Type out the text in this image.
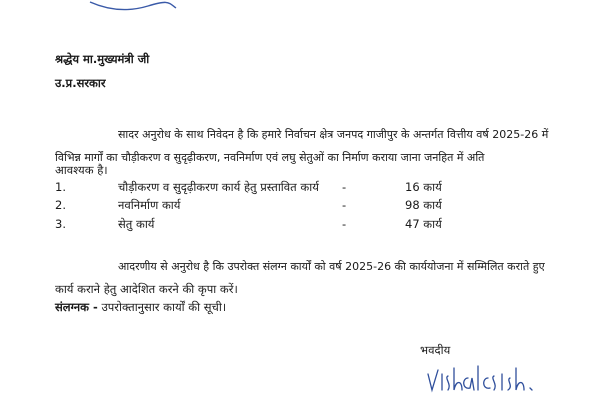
श्रद्धेय मा.मुख्यमंत्री जी
उ.प्र.सरकार
सादर अनुरोध के साथ निवेदन है कि हमारे निर्वाचन क्षेत्र जनपद गाजीपुर के अन्तर्गत वित्तीय वर्ष 2025-26 में
विभिन्न मार्गों का चौड़ीकरण व सुदृढ़ीकरण, नवनिर्माण एवं लघु सेतुओं का निर्माण कराया जाना जनहित में अति
आवश्यक है।
1.	चौड़ीकरण व सुदृढ़ीकरण कार्य हेतु प्रस्तावित कार्य -	16 कार्य
2.	नवनिर्माण कार्य	-	98 कार्य
3.	सेतु कार्य	-	47 कार्य
आदरणीय से अनुरोध है कि उपरोक्त संलग्न कार्यों को वर्ष 2025-26 की कार्ययोजना में सम्मिलित कराते हुए
कार्य कराने हेतु आदेशित करने की कृपा करें।
संलग्नक - उपरोक्तानुसार कार्यों की सूची।
भवदीय
